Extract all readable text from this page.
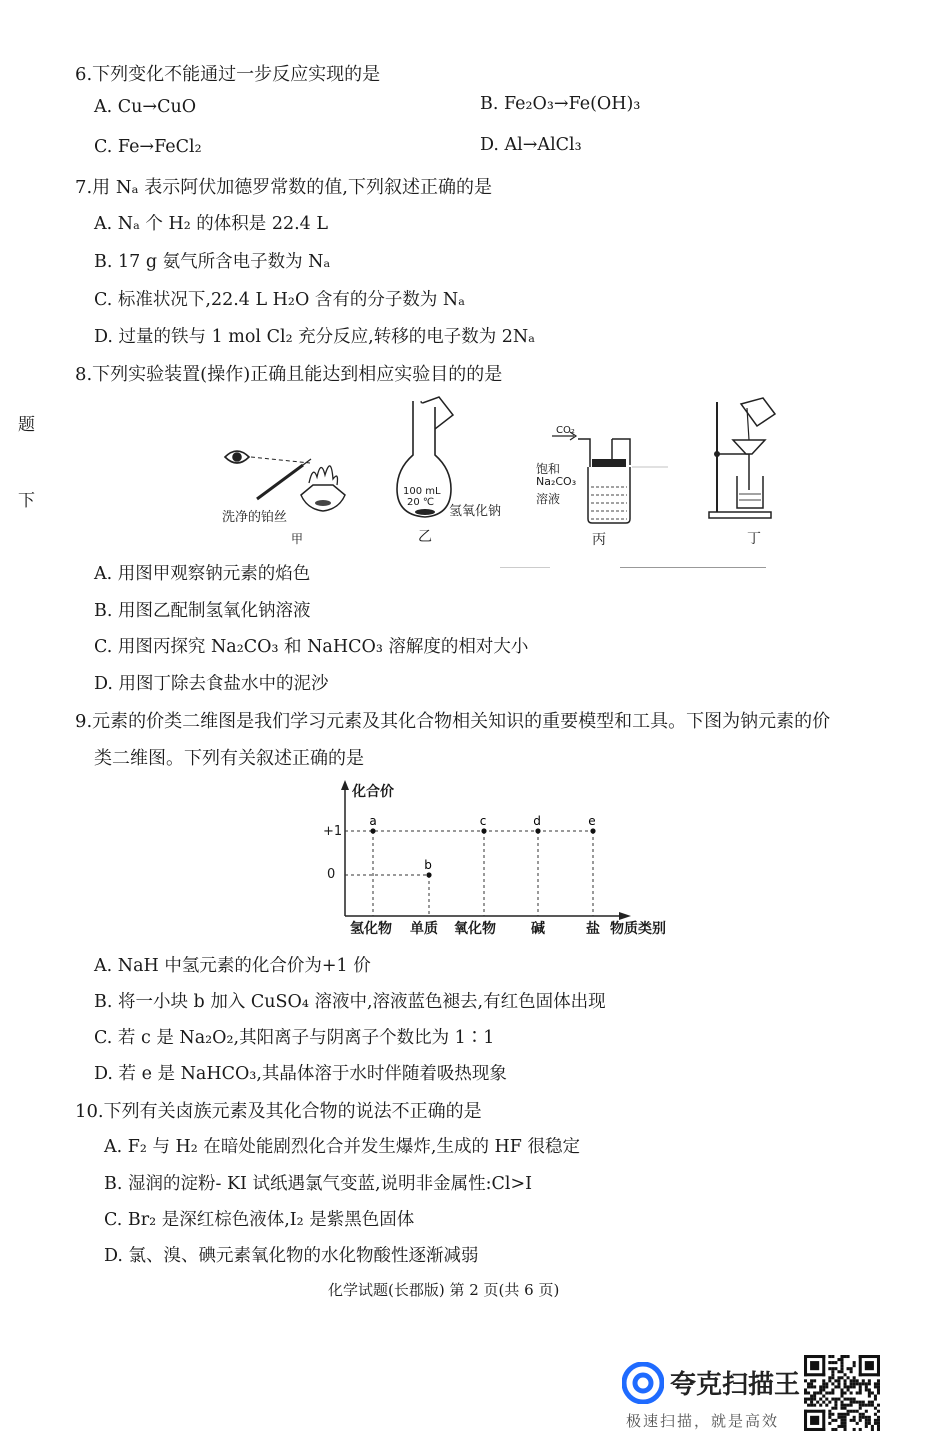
题
下
6.下列变化不能通过一步反应实现的是
A. Cu→CuO	B. Fe₂O₃→Fe(OH)₃
C. Fe→FeCl₂	D. Al→AlCl₃
7.用 Nₐ 表示阿伏加德罗常数的值,下列叙述正确的是
A. Nₐ 个 H₂ 的体积是 22.4 L
B. 17 g 氨气所含电子数为 Nₐ
C. 标准状况下,22.4 L H₂O 含有的分子数为 Nₐ
D. 过量的铁与 1 mol Cl₂ 充分反应,转移的电子数为 2Nₐ
8.下列实验装置(操作)正确且能达到相应实验目的的是
洗净的铂丝
甲
100 mL
20 ℃
氢氧化钠
乙
CO₂
饱和
Na₂CO₃
溶液
丙	丁
A. 用图甲观察钠元素的焰色
B. 用图乙配制氢氧化钠溶液
C. 用图丙探究 Na₂CO₃ 和 NaHCO₃ 溶解度的相对大小
D. 用图丁除去食盐水中的泥沙
9.元素的价类二维图是我们学习元素及其化合物相关知识的重要模型和工具。下图为钠元素的价
类二维图。下列有关叙述正确的是
a
b
c	d	e
化合价
物质类别
+1
0
氢化物 单质 氧化物	碱	盐
A. NaH 中氢元素的化合价为+1 价
B. 将一小块 b 加入 CuSO₄ 溶液中,溶液蓝色褪去,有红色固体出现
C. 若 c 是 Na₂O₂,其阳离子与阴离子个数比为 1∶1
D. 若 e 是 NaHCO₃,其晶体溶于水时伴随着吸热现象
10.下列有关卤族元素及其化合物的说法不正确的是
A. F₂ 与 H₂ 在暗处能剧烈化合并发生爆炸,生成的 HF 很稳定
B. 湿润的淀粉- KI 试纸遇氯气变蓝,说明非金属性:Cl>I
C. Br₂ 是深红棕色液体,I₂ 是紫黑色固体
D. 氯、溴、碘元素氧化物的水化物酸性逐渐减弱
化学试题(长郡版) 第 2 页(共 6 页)
夸克扫描王
极速扫描，就是高效
